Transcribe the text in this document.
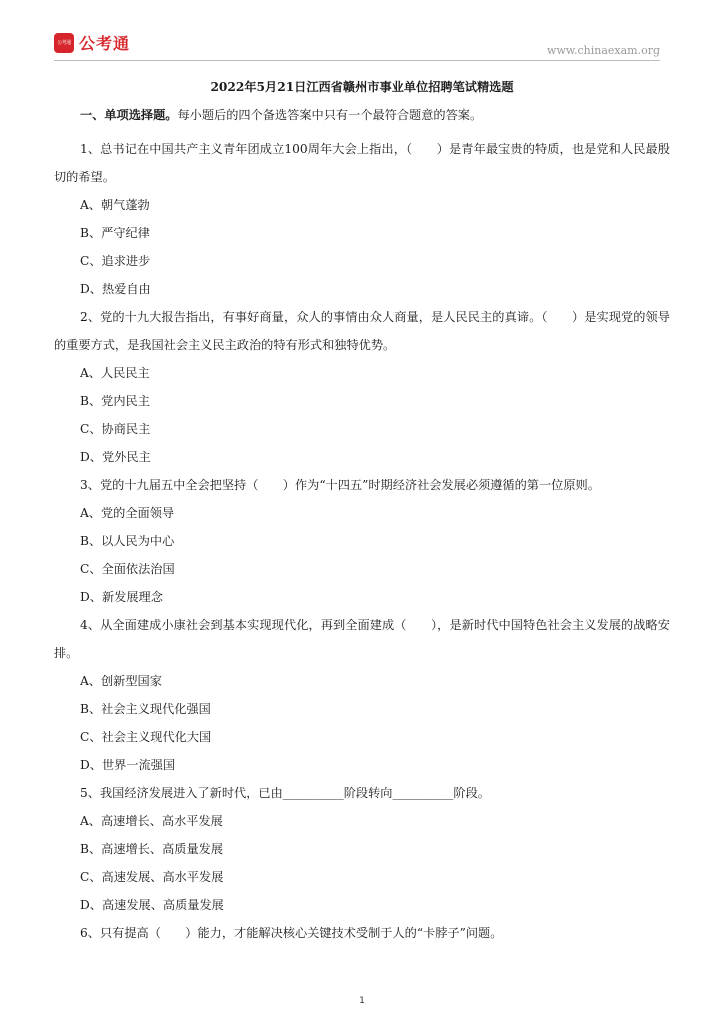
公考通 公考通	www.chinaexam.org
2022年5月21日江西省赣州市事业单位招聘笔试精选题
一、单项选择题。每小题后的四个备选答案中只有一个最符合题意的答案。

1、总书记在中国共产主义青年团成立100周年大会上指出，（　　）是青年最宝贵的特质，也是党和人民最殷切的希望。

A、朝气蓬勃

B、严守纪律

C、追求进步

D、热爱自由

2、党的十九大报告指出，有事好商量，众人的事情由众人商量，是人民民主的真谛。（　　）是实现党的领导的重要方式，是我国社会主义民主政治的特有形式和独特优势。

A、人民民主

B、党内民主

C、协商民主

D、党外民主

3、党的十九届五中全会把坚持（　　）作为“十四五”时期经济社会发展必须遵循的第一位原则。

A、党的全面领导

B、以人民为中心

C、全面依法治国

D、新发展理念

4、从全面建成小康社会到基本实现现代化，再到全面建成（　　），是新时代中国特色社会主义发展的战略安排。

A、创新型国家

B、社会主义现代化强国

C、社会主义现代化大国

D、世界一流强国

5、我国经济发展进入了新时代，已由__________阶段转向__________阶段。

A、高速增长、高水平发展

B、高速增长、高质量发展

C、高速发展、高水平发展

D、高速发展、高质量发展

6、只有提高（　　）能力，才能解决核心关键技术受制于人的“卡脖子”问题。

1
